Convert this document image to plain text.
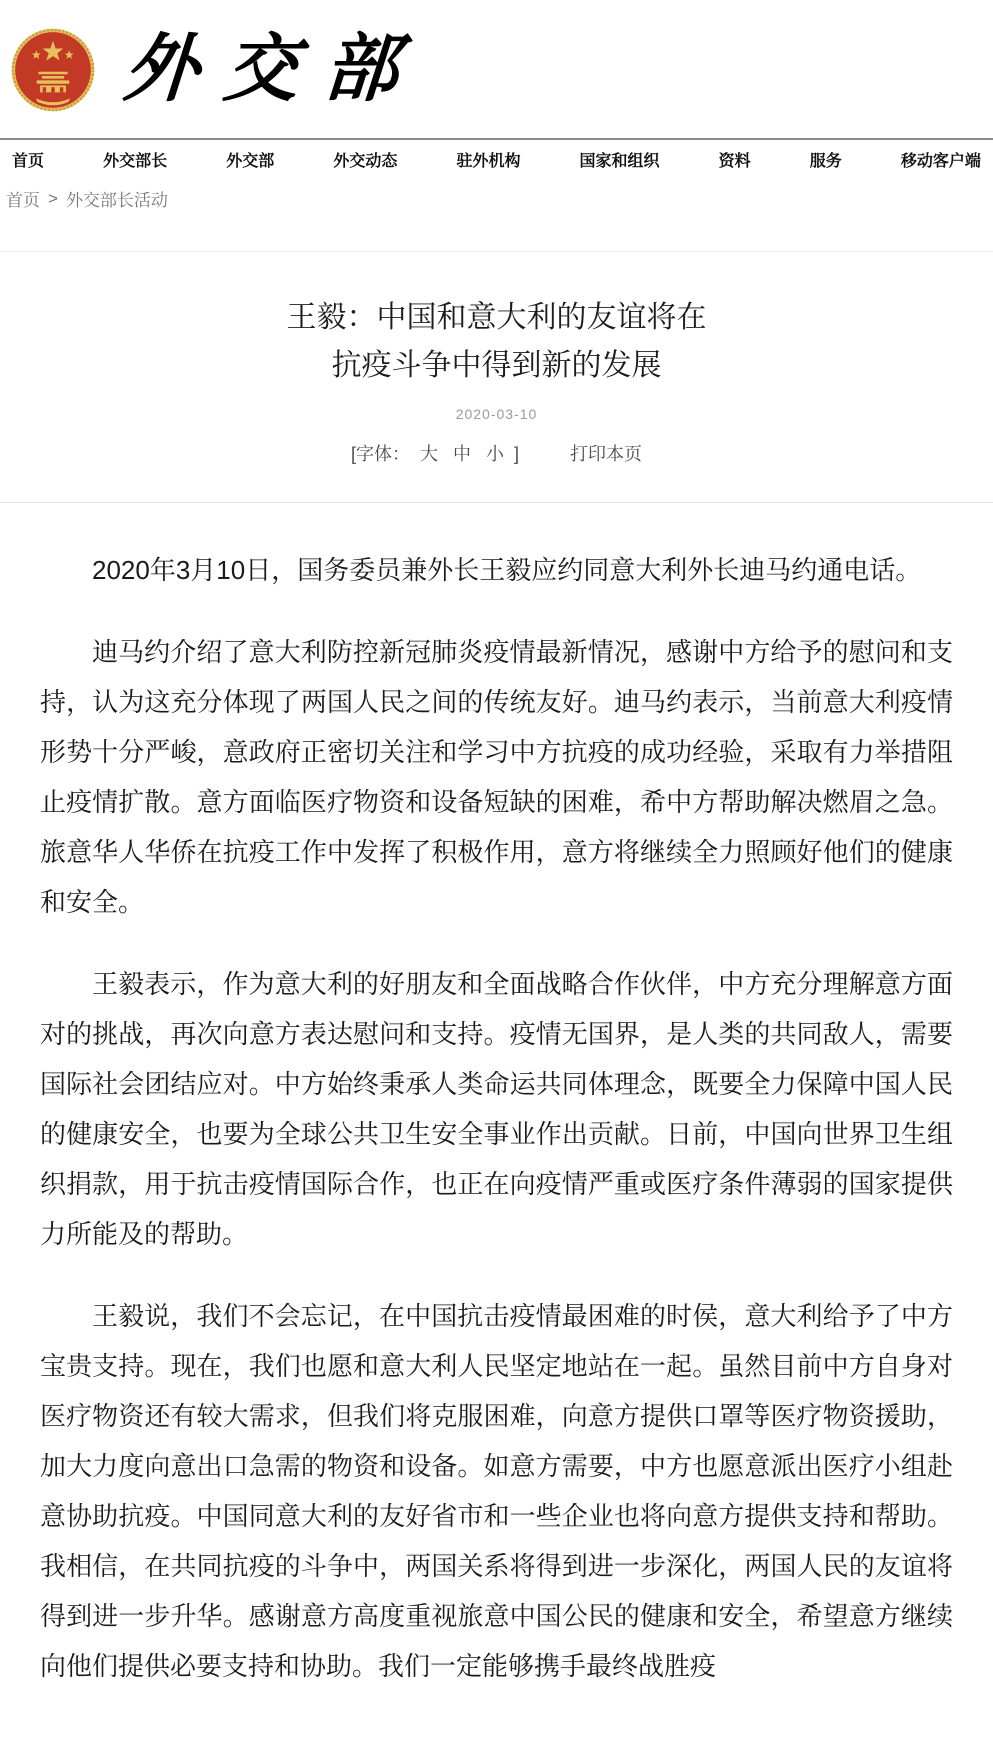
外交部
首页	外交部长	外交部	外交动态	驻外机构	国家和组织	资料	服务	移动客户端
首页 > 外交部长活动
王毅：中国和意大利的友谊将在
抗疫斗争中得到新的发展
2020-03-10
[字体： 大 中 小 ]	打印本页

2020年3月10日，国务委员兼外长王毅应约同意大利外长迪马约通电话。

迪马约介绍了意大利防控新冠肺炎疫情最新情况，感谢中方给予的慰问和支持，认为这充分体现了两国人民之间的传统友好。迪马约表示，当前意大利疫情形势十分严峻，意政府正密切关注和学习中方抗疫的成功经验，采取有力举措阻止疫情扩散。意方面临医疗物资和设备短缺的困难，希中方帮助解决燃眉之急。旅意华人华侨在抗疫工作中发挥了积极作用，意方将继续全力照顾好他们的健康和安全。

王毅表示，作为意大利的好朋友和全面战略合作伙伴，中方充分理解意方面对的挑战，再次向意方表达慰问和支持。疫情无国界，是人类的共同敌人，需要国际社会团结应对。中方始终秉承人类命运共同体理念，既要全力保障中国人民的健康安全，也要为全球公共卫生安全事业作出贡献。日前，中国向世界卫生组织捐款，用于抗击疫情国际合作，也正在向疫情严重或医疗条件薄弱的国家提供力所能及的帮助。

王毅说，我们不会忘记，在中国抗击疫情最困难的时侯，意大利给予了中方宝贵支持。现在，我们也愿和意大利人民坚定地站在一起。虽然目前中方自身对医疗物资还有较大需求，但我们将克服困难，向意方提供口罩等医疗物资援助，加大力度向意出口急需的物资和设备。如意方需要，中方也愿意派出医疗小组赴意协助抗疫。中国同意大利的友好省市和一些企业也将向意方提供支持和帮助。我相信，在共同抗疫的斗争中，两国关系将得到进一步深化，两国人民的友谊将得到进一步升华。感谢意方高度重视旅意中国公民的健康和安全，希望意方继续向他们提供必要支持和协助。我们一定能够携手最终战胜疫
